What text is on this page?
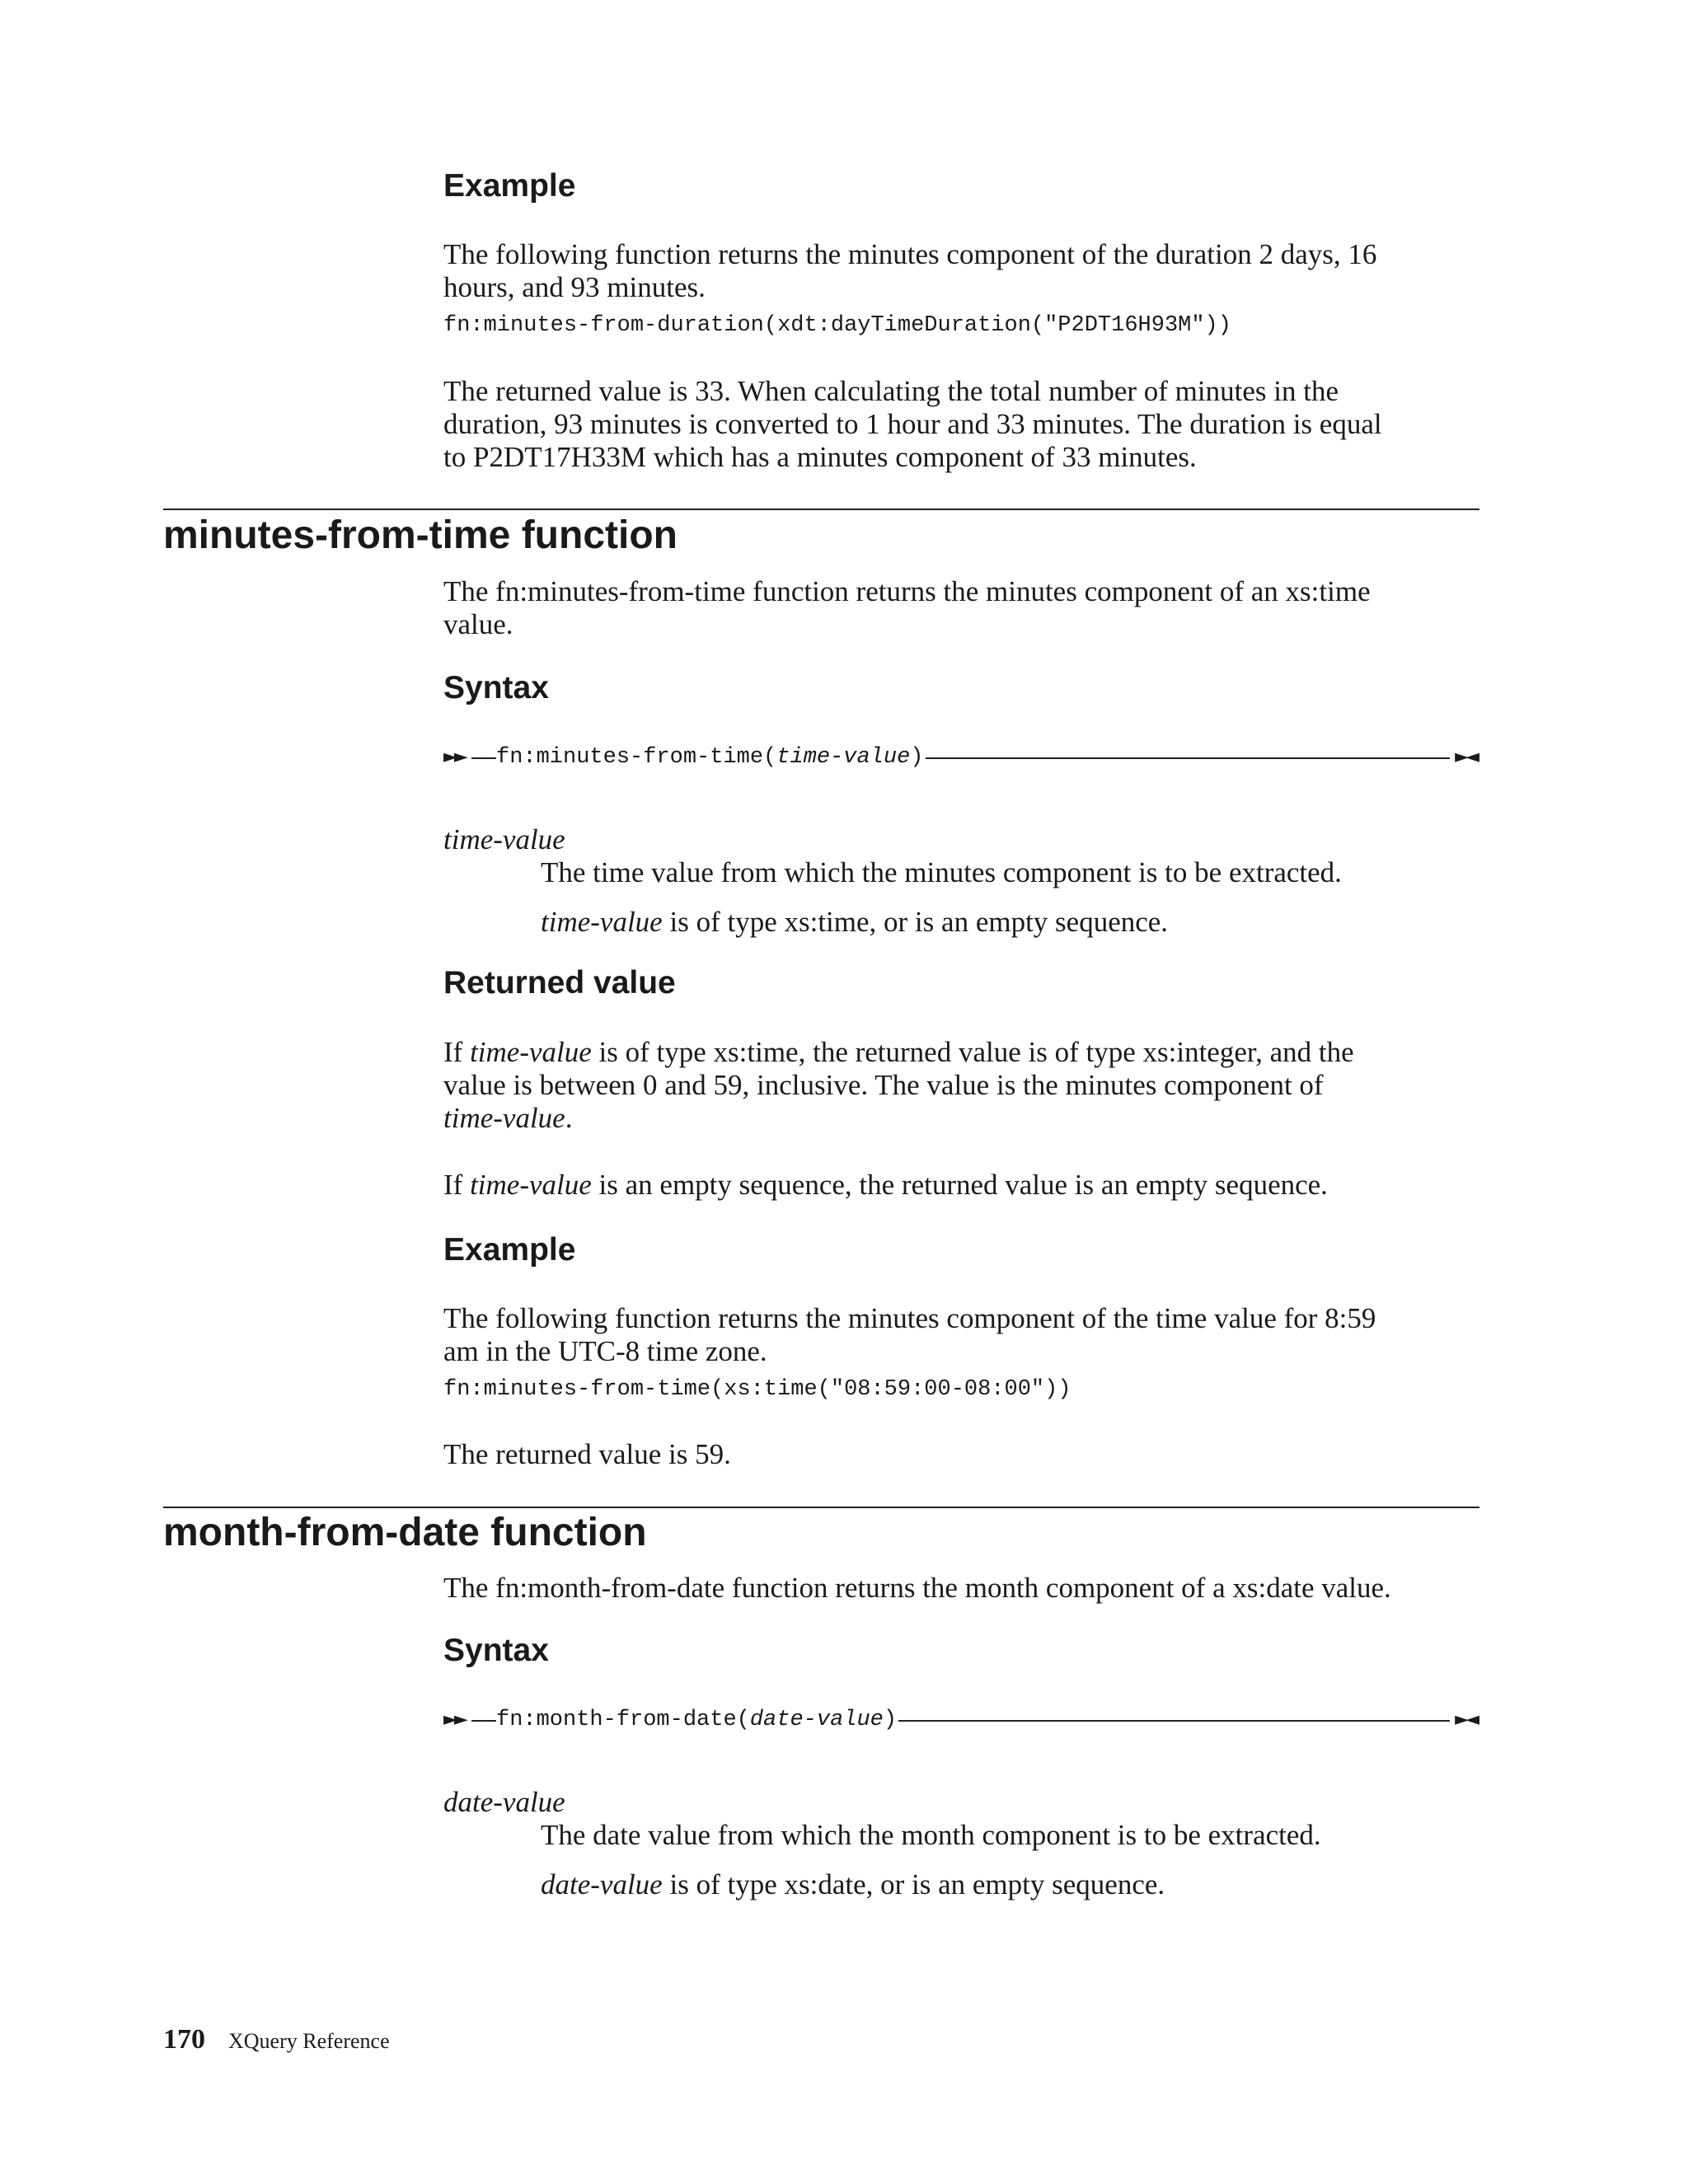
Example

The following function returns the minutes component of the duration 2 days, 16

hours, and 93 minutes.

fn:minutes-from-duration(xdt:dayTimeDuration("P2DT16H93M"))

The returned value is 33. When calculating the total number of minutes in the

duration, 93 minutes is converted to 1 hour and 33 minutes. The duration is equal

to P2DT17H33M which has a minutes component of 33 minutes.

minutes-from-time function

The fn:minutes-from-time function returns the minutes component of an xs:time

value.

Syntax
►► fn:minutes-from-time(time-value)	►◄
time-value

The time value from which the minutes component is to be extracted.

time-value is of type xs:time, or is an empty sequence.

Returned value

If time-value is of type xs:time, the returned value is of type xs:integer, and the

value is between 0 and 59, inclusive. The value is the minutes component of

time-value.

If time-value is an empty sequence, the returned value is an empty sequence.

Example

The following function returns the minutes component of the time value for 8:59

am in the UTC-8 time zone.

fn:minutes-from-time(xs:time("08:59:00-08:00"))

The returned value is 59.

month-from-date function

The fn:month-from-date function returns the month component of a xs:date value.

Syntax
►► fn:month-from-date(date-value)	►◄
date-value

The date value from which the month component is to be extracted.

date-value is of type xs:date, or is an empty sequence.

170 XQuery Reference
